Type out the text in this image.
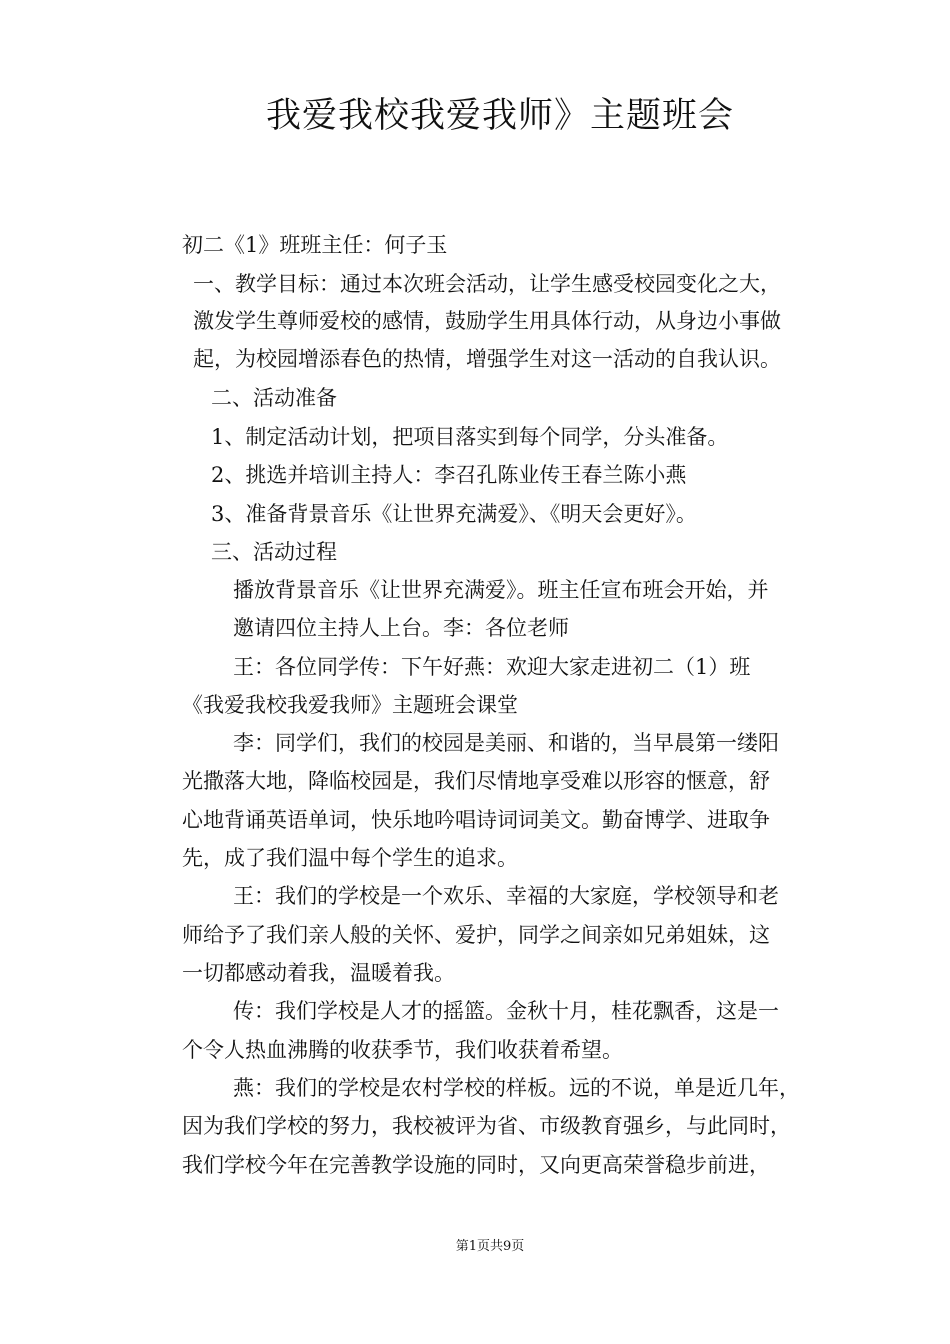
我爱我校我爱我师》主题班会
初二《1》班班主任：何子玉
一、教学目标：通过本次班会活动，让学生感受校园变化之大，
激发学生尊师爱校的感情，鼓励学生用具体行动，从身边小事做
起，为校园增添春色的热情，增强学生对这一活动的自我认识。
二、活动准备
1、制定活动计划，把项目落实到每个同学，分头准备。
2、挑选并培训主持人：李召孔陈业传王春兰陈小燕
3、准备背景音乐《让世界充满爱》、《明天会更好》。
三、活动过程
播放背景音乐《让世界充满爱》。班主任宣布班会开始，并
邀请四位主持人上台。李：各位老师
王：各位同学传：下午好燕：欢迎大家走进初二（1）班
《我爱我校我爱我师》主题班会课堂
李：同学们，我们的校园是美丽、和谐的，当早晨第一缕阳
光撒落大地，降临校园是，我们尽情地享受难以形容的惬意，舒
心地背诵英语单词，快乐地吟唱诗词词美文。勤奋博学、进取争
先，成了我们温中每个学生的追求。
王：我们的学校是一个欢乐、幸福的大家庭，学校领导和老
师给予了我们亲人般的关怀、爱护，同学之间亲如兄弟姐妹，这
一切都感动着我，温暖着我。
传：我们学校是人才的摇篮。金秋十月，桂花飘香，这是一
个令人热血沸腾的收获季节，我们收获着希望。
燕：我们的学校是农村学校的样板。远的不说，单是近几年，
因为我们学校的努力，我校被评为省、市级教育强乡，与此同时，
我们学校今年在完善教学设施的同时，又向更高荣誉稳步前进，
第1页共9页
